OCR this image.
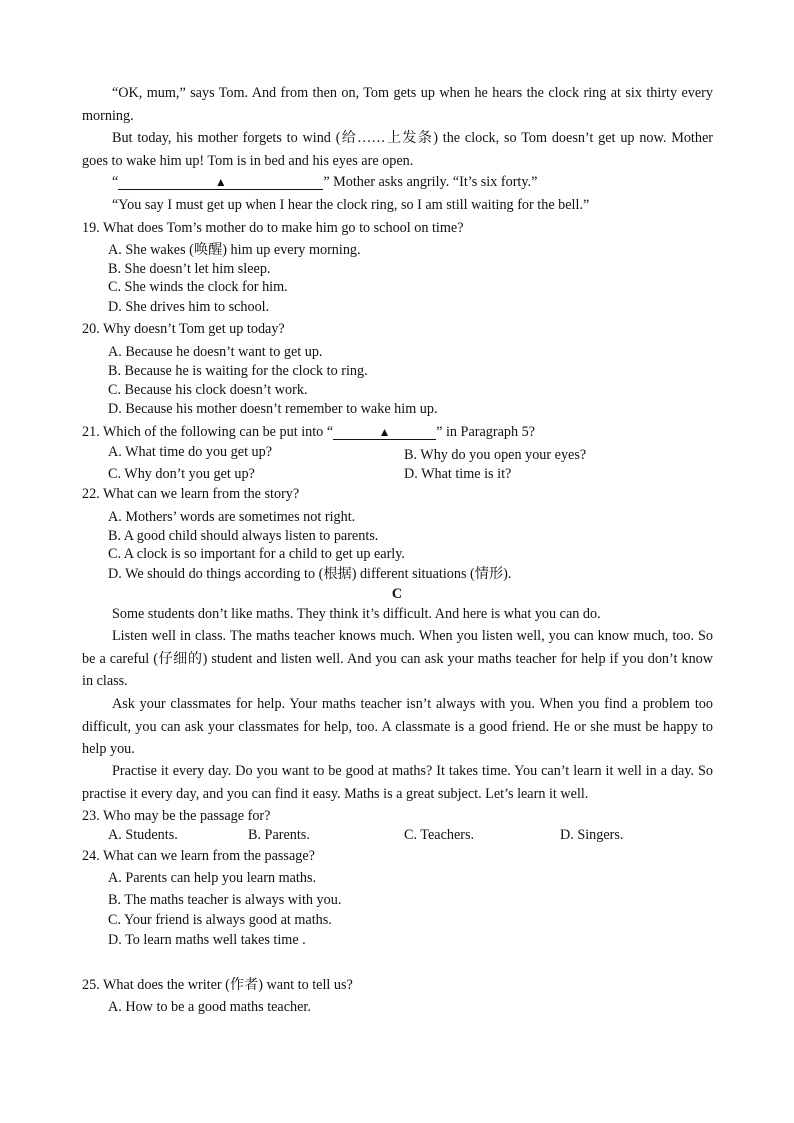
“OK, mum,” says Tom. And from then on, Tom gets up when he hears the clock ring at six thirty every morning.

But today, his mother forgets to wind (给……上发条) the clock, so Tom doesn’t get up now. Mother goes to wake him up! Tom is in bed and his eyes are open.

“	▲	” Mother asks angrily. “It’s six forty.”

“You say I must get up when I hear the clock ring, so I am still waiting for the bell.”

19. What does Tom’s mother do to make him go to school on time?

A. She wakes (唤醒) him up every morning.

B. She doesn’t let him sleep.

C. She winds the clock for him.

D. She drives him to school.

20. Why doesn’t Tom get up today?

A. Because he doesn’t want to get up.

B. Because he is waiting for the clock to ring.

C. Because his clock doesn’t work.

D. Because his mother doesn’t remember to wake him up.

21. Which of the following can be put into “	▲	” in Paragraph 5?

A. What time do you get up?	B. Why do you open your eyes?

C. Why don’t you get up?	D. What time is it?

22. What can we learn from the story?

A. Mothers’ words are sometimes not right.

B. A good child should always listen to parents.

C. A clock is so important for a child to get up early.

D. We should do things according to (根据) different situations (情形).

C

Some students don’t like maths. They think it’s difficult. And here is what you can do.

Listen well in class. The maths teacher knows much. When you listen well, you can know much, too. So be a careful (仔细的) student and listen well. And you can ask your maths teacher for help if you don’t know in class.

Ask your classmates for help. Your maths teacher isn’t always with you. When you find a problem too difficult, you can ask your classmates for help, too. A classmate is a good friend. He or she must be happy to help you.

Practise it every day. Do you want to be good at maths? It takes time. You can’t learn it well in a day. So practise it every day, and you can find it easy. Maths is a great subject. Let’s learn it well.

23. Who may be the passage for?

A. Students.	B. Parents.	C. Teachers.	D. Singers.

24. What can we learn from the passage?

A. Parents can help you learn maths.

B. The maths teacher is always with you.

C. Your friend is always good at maths.

D. To learn maths well takes time .

25. What does the writer (作者) want to tell us?

A. How to be a good maths teacher.
